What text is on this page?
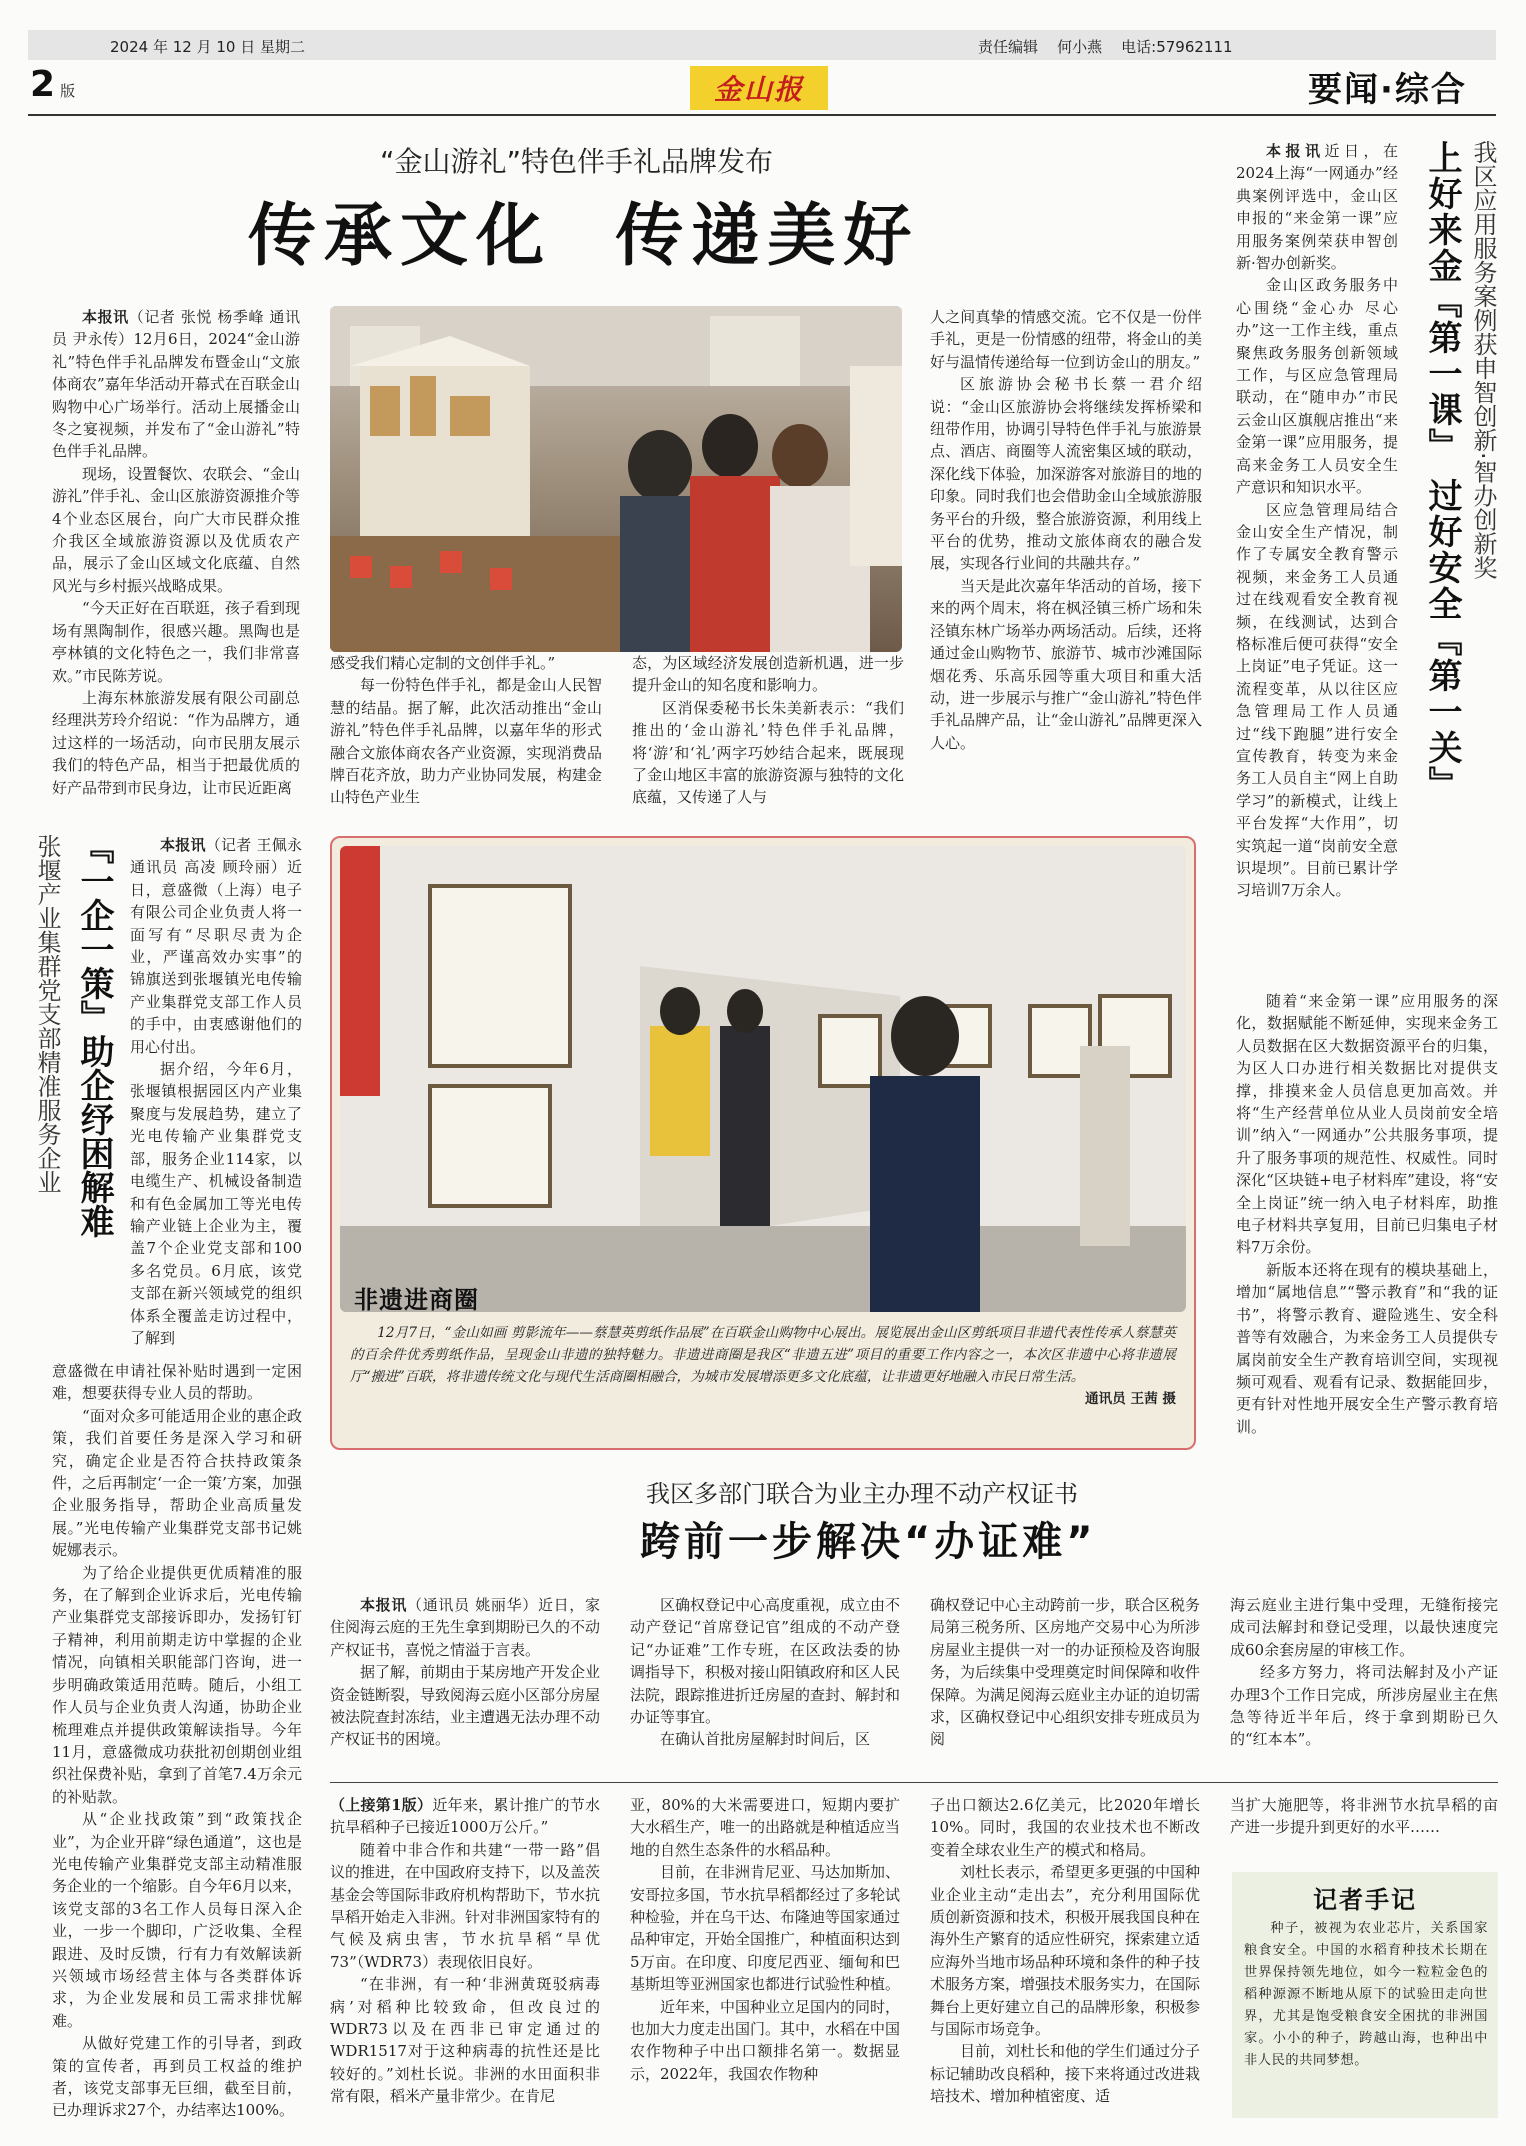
2024 年 12 月 10 日 星期二	责任编辑    何小燕    电话:57962111
2 版	金山报	要闻·综合
“金山游礼”特色伴手礼品牌发布
传承文化  传递美好

本报讯（记者 张悦 杨季峰 通讯员 尹永传）12月6日，2024“金山游礼”特色伴手礼品牌发布暨金山“文旅体商农”嘉年华活动开幕式在百联金山购物中心广场举行。活动上展播金山冬之宴视频，并发布了“金山游礼”特色伴手礼品牌。

现场，设置餐饮、农联会、“金山游礼”伴手礼、金山区旅游资源推介等4个业态区展台，向广大市民群众推介我区全域旅游资源以及优质农产品，展示了金山区域文化底蕴、自然风光与乡村振兴战略成果。

“今天正好在百联逛，孩子看到现场有黑陶制作，很感兴趣。黑陶也是亭林镇的文化特色之一，我们非常喜欢。”市民陈芳说。

上海东林旅游发展有限公司副总经理洪芳玲介绍说：“作为品牌方，通过这样的一场活动，向市民朋友展示我们的特色产品，相当于把最优质的好产品带到市民身边，让市民近距离

感受我们精心定制的文创伴手礼。”

每一份特色伴手礼，都是金山人民智慧的结晶。据了解，此次活动推出“金山游礼”特色伴手礼品牌，以嘉年华的形式融合文旅体商农各产业资源，实现消费品牌百花齐放，助力产业协同发展，构建金山特色产业生

态，为区域经济发展创造新机遇，进一步提升金山的知名度和影响力。

区消保委秘书长朱美新表示：“我们推出的‘金山游礼’特色伴手礼品牌，将‘游’和‘礼’两字巧妙结合起来，既展现了金山地区丰富的旅游资源与独特的文化底蕴，又传递了人与

人之间真挚的情感交流。它不仅是一份伴手礼，更是一份情感的纽带，将金山的美好与温情传递给每一位到访金山的朋友。”

区旅游协会秘书长蔡一君介绍说：“金山区旅游协会将继续发挥桥梁和纽带作用，协调引导特色伴手礼与旅游景点、酒店、商圈等人流密集区域的联动，深化线下体验，加深游客对旅游目的地的印象。同时我们也会借助金山全域旅游服务平台的升级，整合旅游资源，利用线上平台的优势，推动文旅体商农的融合发展，实现各行业间的共融共存。”

当天是此次嘉年华活动的首场，接下来的两个周末，将在枫泾镇三桥广场和朱泾镇东林广场举办两场活动。后续，还将通过金山购物节、旅游节、城市沙滩国际烟花秀、乐高乐园等重大项目和重大活动，进一步展示与推广“金山游礼”特色伴手礼品牌产品，让“金山游礼”品牌更深入人心。

本报讯近日，在2024上海“一网通办”经典案例评选中，金山区申报的“来金第一课”应用服务案例荣获申智创新·智办创新奖。

金山区政务服务中心围绕“金心办 尽心办”这一工作主线，重点聚焦政务服务创新领域工作，与区应急管理局联动，在“随申办”市民云金山区旗舰店推出“来金第一课”应用服务，提高来金务工人员安全生产意识和知识水平。

区应急管理局结合金山安全生产情况，制作了专属安全教育警示视频，来金务工人员通过在线观看安全教育视频，在线测试，达到合格标准后便可获得“安全上岗证”电子凭证。这一流程变革，从以往区应急管理局工作人员通过“线下跑腿”进行安全宣传教育，转变为来金务工人员自主“网上自助学习”的新模式，让线上平台发挥“大作用”，切实筑起一道“岗前安全意识堤坝”。目前已累计学习培训7万余人。

上好来金『第一课』 过好安全『第一关』 我区应用服务案例获申智创新·智办创新奖

随着“来金第一课”应用服务的深化，数据赋能不断延伸，实现来金务工人员数据在区大数据资源平台的归集，为区人口办进行相关数据比对提供支撑，排摸来金人员信息更加高效。并将“生产经营单位从业人员岗前安全培训”纳入“一网通办”公共服务事项，提升了服务事项的规范性、权威性。同时深化“区块链+电子材料库”建设，将“安全上岗证”统一纳入电子材料库，助推电子材料共享复用，目前已归集电子材料7万余份。

新版本还将在现有的模块基础上，增加“属地信息”“警示教育”和“我的证书”，将警示教育、避险逃生、安全科普等有效融合，为来金务工人员提供专属岗前安全生产教育培训空间，实现视频可观看、观看有记录、数据能回步，更有针对性地开展安全生产警示教育培训。

张堰产业集群党支部精准服务企业 『一企一策』助企纾困解难	本报讯（记者 王佩永 通讯员 高凌 顾玲丽）近日，意盛微（上海）电子有限公司企业负责人将一面写有“尽职尽责为企业，严谨高效办实事”的锦旗送到张堰镇光电传输产业集群党支部工作人员的手中，由衷感谢他们的用心付出。

据介绍，今年6月，张堰镇根据园区内产业集聚度与发展趋势，建立了光电传输产业集群党支部，服务企业114家，以电缆生产、机械设备制造和有色金属加工等光电传输产业链上企业为主，覆盖7个企业党支部和100多名党员。6月底，该党支部在新兴领域党的组织体系全覆盖走访过程中，了解到

意盛微在申请社保补贴时遇到一定困难，想要获得专业人员的帮助。

“面对众多可能适用企业的惠企政策，我们首要任务是深入学习和研究，确定企业是否符合扶持政策条件，之后再制定‘一企一策’方案，加强企业服务指导，帮助企业高质量发展。”光电传输产业集群党支部书记姚妮娜表示。

为了给企业提供更优质精准的服务，在了解到企业诉求后，光电传输产业集群党支部接诉即办，发扬钉钉子精神，利用前期走访中掌握的企业情况，向镇相关职能部门咨询，进一步明确政策适用范畴。随后，小组工作人员与企业负责人沟通，协助企业梳理难点并提供政策解读指导。今年11月，意盛微成功获批初创期创业组织社保费补贴，拿到了首笔7.4万余元的补贴款。

从“企业找政策”到“政策找企业”，为企业开辟“绿色通道”，这也是光电传输产业集群党支部主动精准服务企业的一个缩影。自今年6月以来，该党支部的3名工作人员每日深入企业，一步一个脚印，广泛收集、全程跟进、及时反馈，行有力有效解读新兴领域市场经营主体与各类群体诉求，为企业发展和员工需求排忧解难。

从做好党建工作的引导者，到政策的宣传者，再到员工权益的维护者，该党支部事无巨细，截至目前，已办理诉求27个，办结率达100%。

非遗进商圈
12月7日，“金山如画 剪影流年——蔡慧英剪纸作品展”在百联金山购物中心展出。展览展出金山区剪纸项目非遗代表性传承人蔡慧英的百余件优秀剪纸作品，呈现金山非遗的独特魅力。非遗进商圈是我区“非遗五进”项目的重要工作内容之一，本次区非遗中心将非遗展厅“搬进”百联，将非遗传统文化与现代生活商圈相融合，为城市发展增添更多文化底蕴，让非遗更好地融入市民日常生活。
通讯员 王茜 摄
我区多部门联合为业主办理不动产权证书
跨前一步解决“办证难”

本报讯（通讯员 姚丽华）近日，家住阅海云庭的王先生拿到期盼已久的不动产权证书，喜悦之情溢于言表。

据了解，前期由于某房地产开发企业资金链断裂，导致阅海云庭小区部分房屋被法院查封冻结，业主遭遇无法办理不动产权证书的困境。

区确权登记中心高度重视，成立由不动产登记“首席登记官”组成的不动产登记“办证难”工作专班，在区政法委的协调指导下，积极对接山阳镇政府和区人民法院，跟踪推进折迁房屋的查封、解封和办证等事宜。

在确认首批房屋解封时间后，区

确权登记中心主动跨前一步，联合区税务局第三税务所、区房地产交易中心为所涉房屋业主提供一对一的办证预检及咨询服务，为后续集中受理奠定时间保障和收件保障。为满足阅海云庭业主办证的迫切需求，区确权登记中心组织安排专班成员为阅

海云庭业主进行集中受理，无缝衔接完成司法解封和登记受理，以最快速度完成60余套房屋的审核工作。

经多方努力，将司法解封及小产证办理3个工作日完成，所涉房屋业主在焦急等待近半年后，终于拿到期盼已久的“红本本”。

（上接第1版）近年来，累计推广的节水抗旱稻种子已接近1000万公斤。”

随着中非合作和共建“一带一路”倡议的推进，在中国政府支持下，以及盖茨基金会等国际非政府机构帮助下，节水抗旱稻开始走入非洲。针对非洲国家特有的气候及病虫害，节水抗旱稻“旱优73”（WDR73）表现依旧良好。

“在非洲，有一种‘非洲黄斑驳病毒病’对稻种比较致命，但改良过的WDR73以及在西非已审定通过的WDR1517对于这种病毒的抗性还是比较好的。”刘杜长说。非洲的水田面积非常有限，稻米产量非常少。在肯尼

亚，80%的大米需要进口，短期内要扩大水稻生产，唯一的出路就是种植适应当地的自然生态条件的水稻品种。

目前，在非洲肯尼亚、马达加斯加、安哥拉多国，节水抗旱稻都经过了多轮试种检验，并在乌干达、布隆迪等国家通过品种审定，开始全国推广，种植面积达到5万亩。在印度、印度尼西亚、缅甸和巴基斯坦等亚洲国家也都进行试验性种植。

近年来，中国种业立足国内的同时，也加大力度走出国门。其中，水稻在中国农作物种子中出口额排名第一。数据显示，2022年，我国农作物种

子出口额达2.6亿美元，比2020年增长10%。同时，我国的农业技术也不断改变着全球农业生产的模式和格局。

刘杜长表示，希望更多更强的中国种业企业主动“走出去”，充分利用国际优质创新资源和技术，积极开展我国良种在海外生产繁育的适应性研究，探索建立适应海外当地市场品种环境和条件的种子技术服务方案，增强技术服务实力，在国际舞台上更好建立自己的品牌形象，积极参与国际市场竞争。

目前，刘杜长和他的学生们通过分子标记辅助改良稻种，接下来将通过改进栽培技术、增加种植密度、适

当扩大施肥等，将非洲节水抗旱稻的亩产进一步提升到更好的水平……

记者手记
种子，被视为农业芯片，关系国家粮食安全。中国的水稻育种技术长期在世界保持领先地位，如今一粒粒金色的稻种源源不断地从原下的试验田走向世界，尤其是饱受粮食安全困扰的非洲国家。小小的种子，跨越山海，也种出中非人民的共同梦想。
